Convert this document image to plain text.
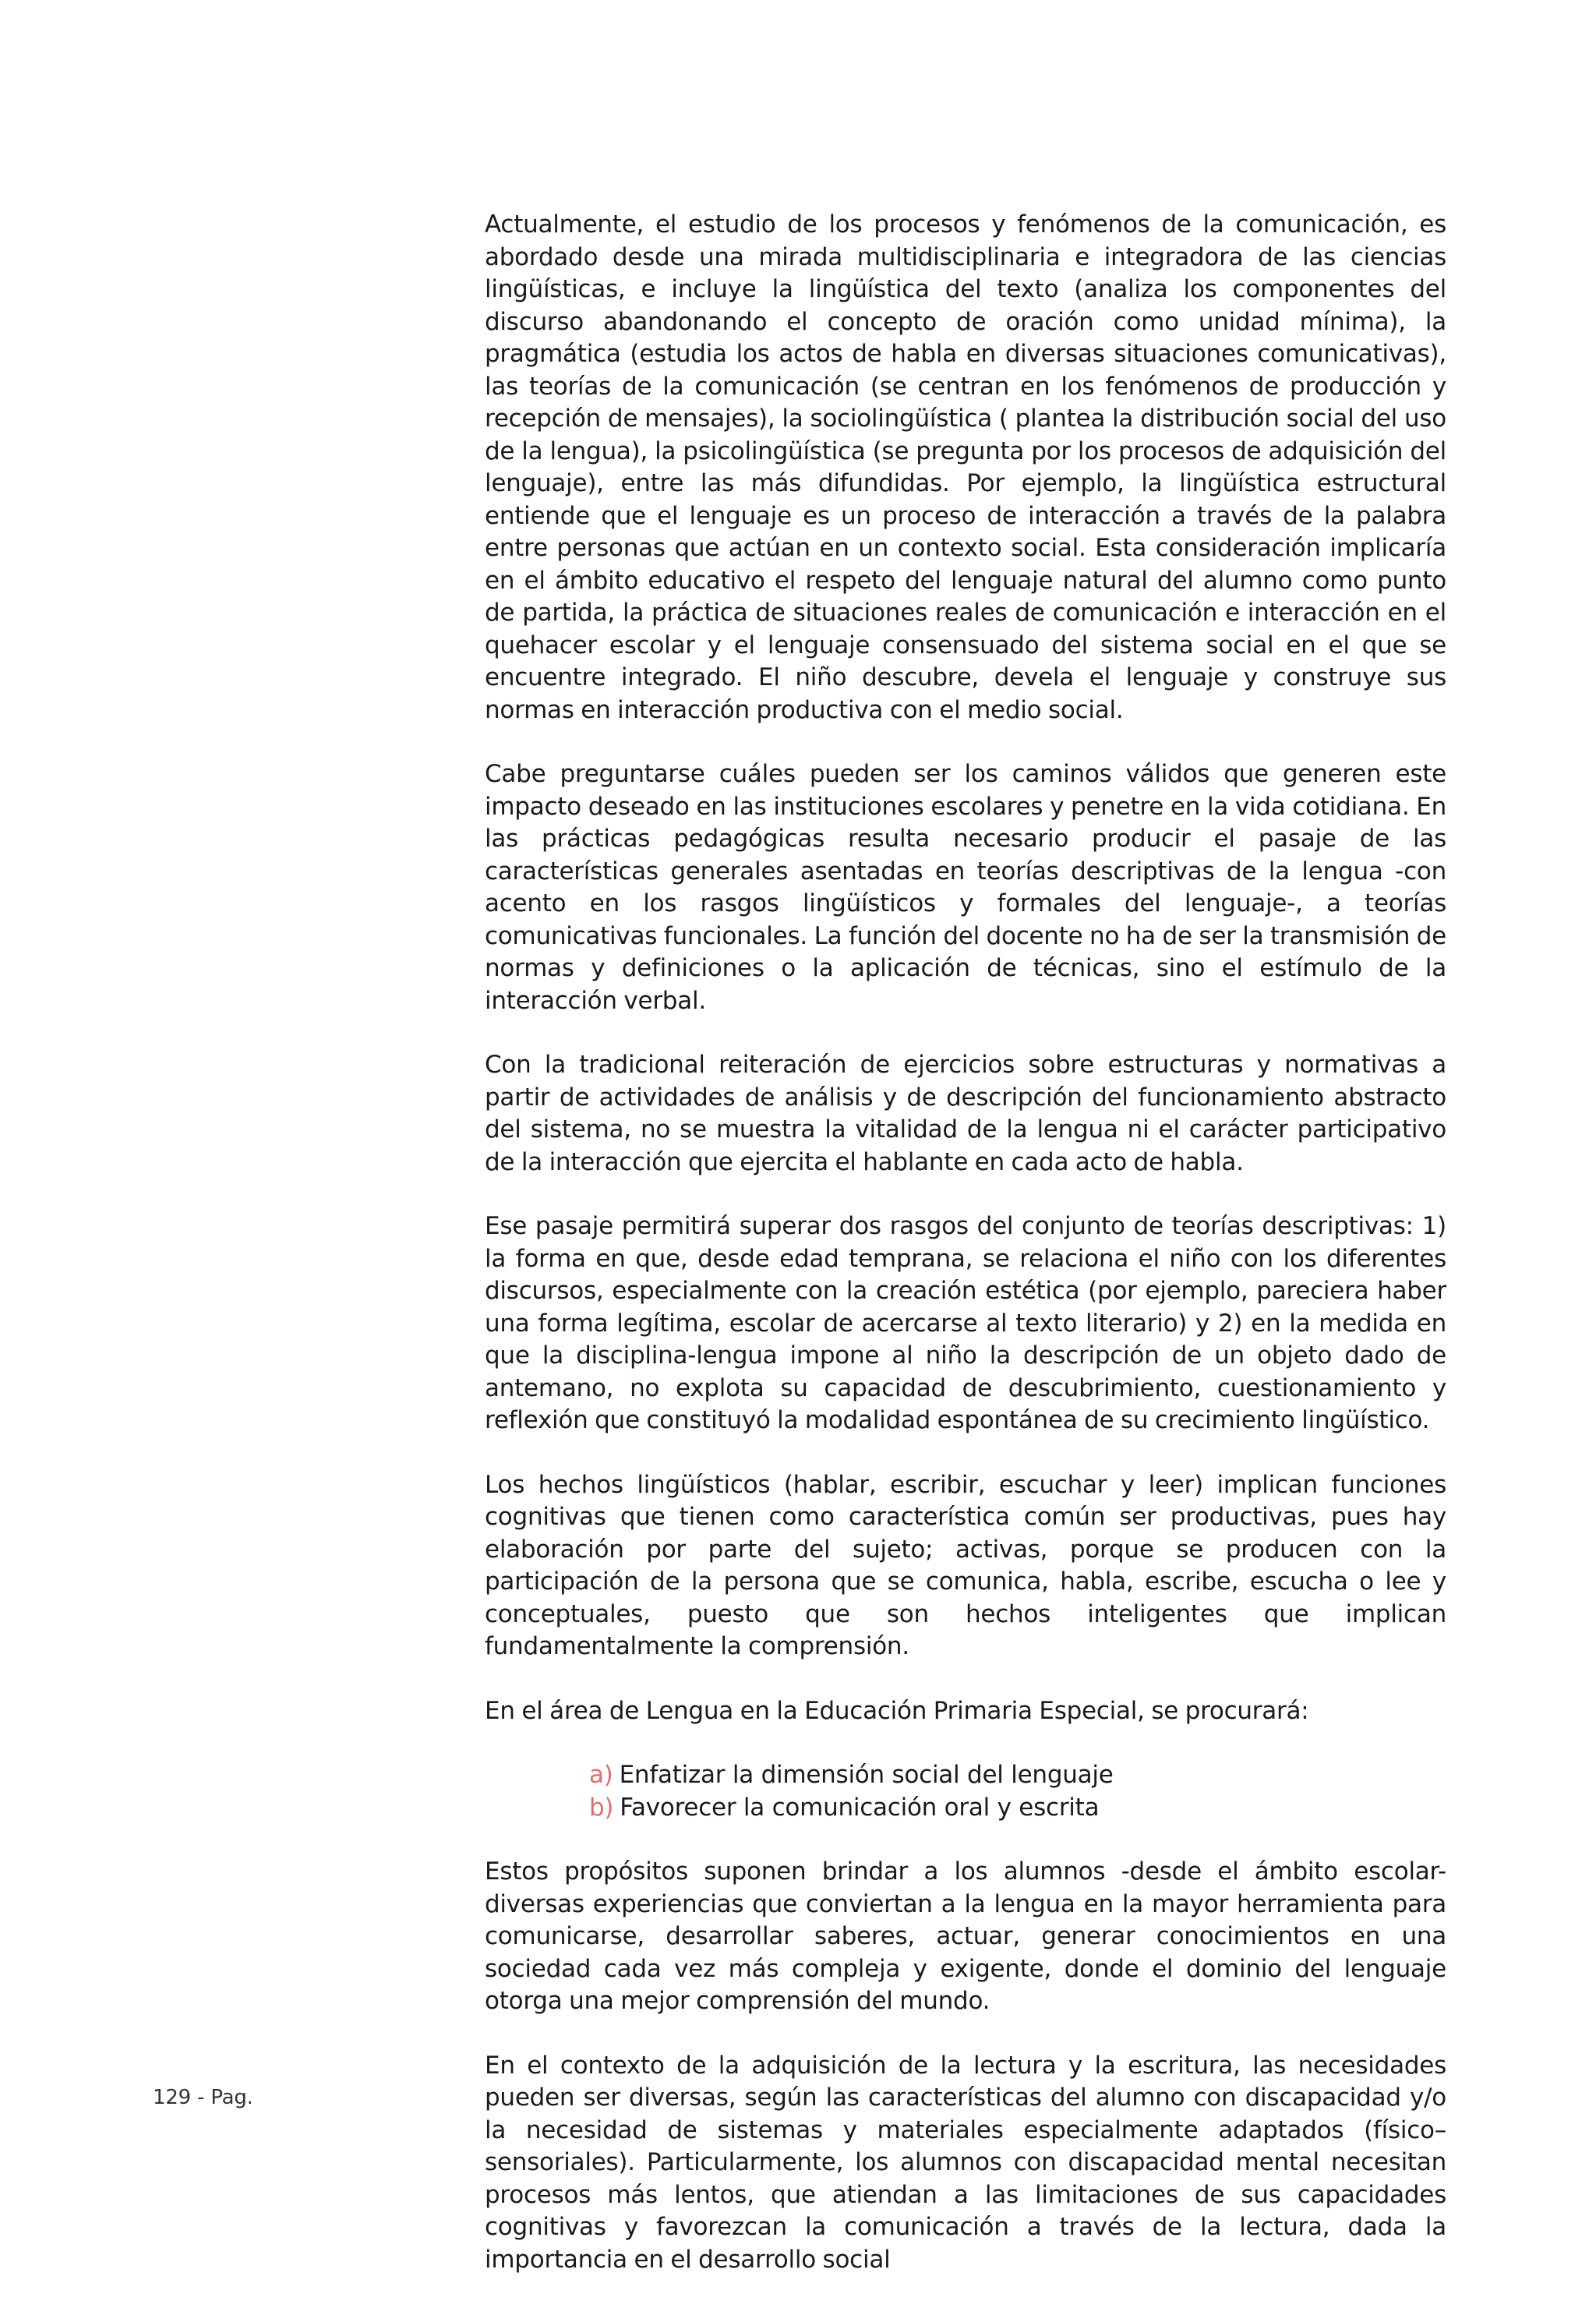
Actualmente, el estudio de los procesos y fenómenos de la comunicación, es abordado desde una mirada multidisciplinaria e integradora de las ciencias lingüísticas, e incluye la lingüística del texto (analiza los componentes del discurso abandonando el concepto de oración como unidad mínima), la pragmática (estudia los actos de habla en diversas situaciones comunicativas), las teorías de la comunicación (se centran en los fenómenos de producción y recepción de mensajes), la sociolingüística ( plantea la distribución social del uso de la lengua), la psicolingüística (se pregunta por los procesos de adquisición del lenguaje), entre las más difundidas. Por ejemplo, la lingüística estructural entiende que el lenguaje es un proceso de interacción a través de la palabra entre personas que actúan en un contexto social. Esta consideración implicaría en el ámbito educativo el respeto del lenguaje natural del alumno como punto de partida, la práctica de situaciones reales de comunicación e interacción en el quehacer escolar y el lenguaje consensuado del sistema social en el que se encuentre integrado. El niño descubre, devela el lenguaje y construye sus normas en interacción productiva con el medio social.

Cabe preguntarse cuáles pueden ser los caminos válidos que generen este impacto deseado en las instituciones escolares y penetre en la vida cotidiana. En las prácticas pedagógicas resulta necesario producir el pasaje de las características generales asentadas en teorías descriptivas de la lengua -con acento en los rasgos lingüísticos y formales del lenguaje-, a teorías comunicativas funcionales. La función del docente no ha de ser la transmisión de normas y definiciones o la aplicación de técnicas, sino el estímulo de la interacción verbal.

Con la tradicional reiteración de ejercicios sobre estructuras y normativas a partir de actividades de análisis y de descripción del funcionamiento abstracto del sistema, no se muestra la vitalidad de la lengua ni el carácter participativo de la interacción que ejercita el hablante en cada acto de habla.

Ese pasaje permitirá superar dos rasgos del conjunto de teorías descriptivas: 1) la forma en que, desde edad temprana, se relaciona el niño con los diferentes discursos, especialmente con la creación estética (por ejemplo, pareciera haber una forma legítima, escolar de acercarse al texto literario) y 2) en la medida en que la disciplina-lengua impone al niño la descripción de un objeto dado de antemano, no explota su capacidad de descubrimiento, cuestionamiento y reflexión que constituyó la modalidad espontánea de su crecimiento lingüístico.

Los hechos lingüísticos (hablar, escribir, escuchar y leer) implican funciones cognitivas que tienen como característica común ser productivas, pues hay elaboración por parte del sujeto; activas, porque se producen con la participación de la persona que se comunica, habla, escribe, escucha o lee y conceptuales, puesto que son hechos inteligentes que implican fundamentalmente la comprensión.

En el área de Lengua en la Educación Primaria Especial, se procurará:

a) Enfatizar la dimensión social del lenguaje
b) Favorecer la comunicación oral y escrita

Estos propósitos suponen brindar a los alumnos -desde el ámbito escolar- diversas experiencias que conviertan a la lengua en la mayor herramienta para comunicarse, desarrollar saberes, actuar, generar conocimientos en una sociedad cada vez más compleja y exigente, donde el dominio del lenguaje otorga una mejor comprensión del mundo.

En el contexto de la adquisición de la lectura y la escritura, las necesidades pueden ser diversas, según las características del alumno con discapacidad y/o la necesidad de sistemas y materiales especialmente adaptados (físico–sensoriales). Particularmente, los alumnos con discapacidad mental necesitan procesos más lentos, que atiendan a las limitaciones de sus capacidades cognitivas y favorezcan la comunicación a través de la lectura, dada la importancia en el desarrollo social

129 - Pag.
